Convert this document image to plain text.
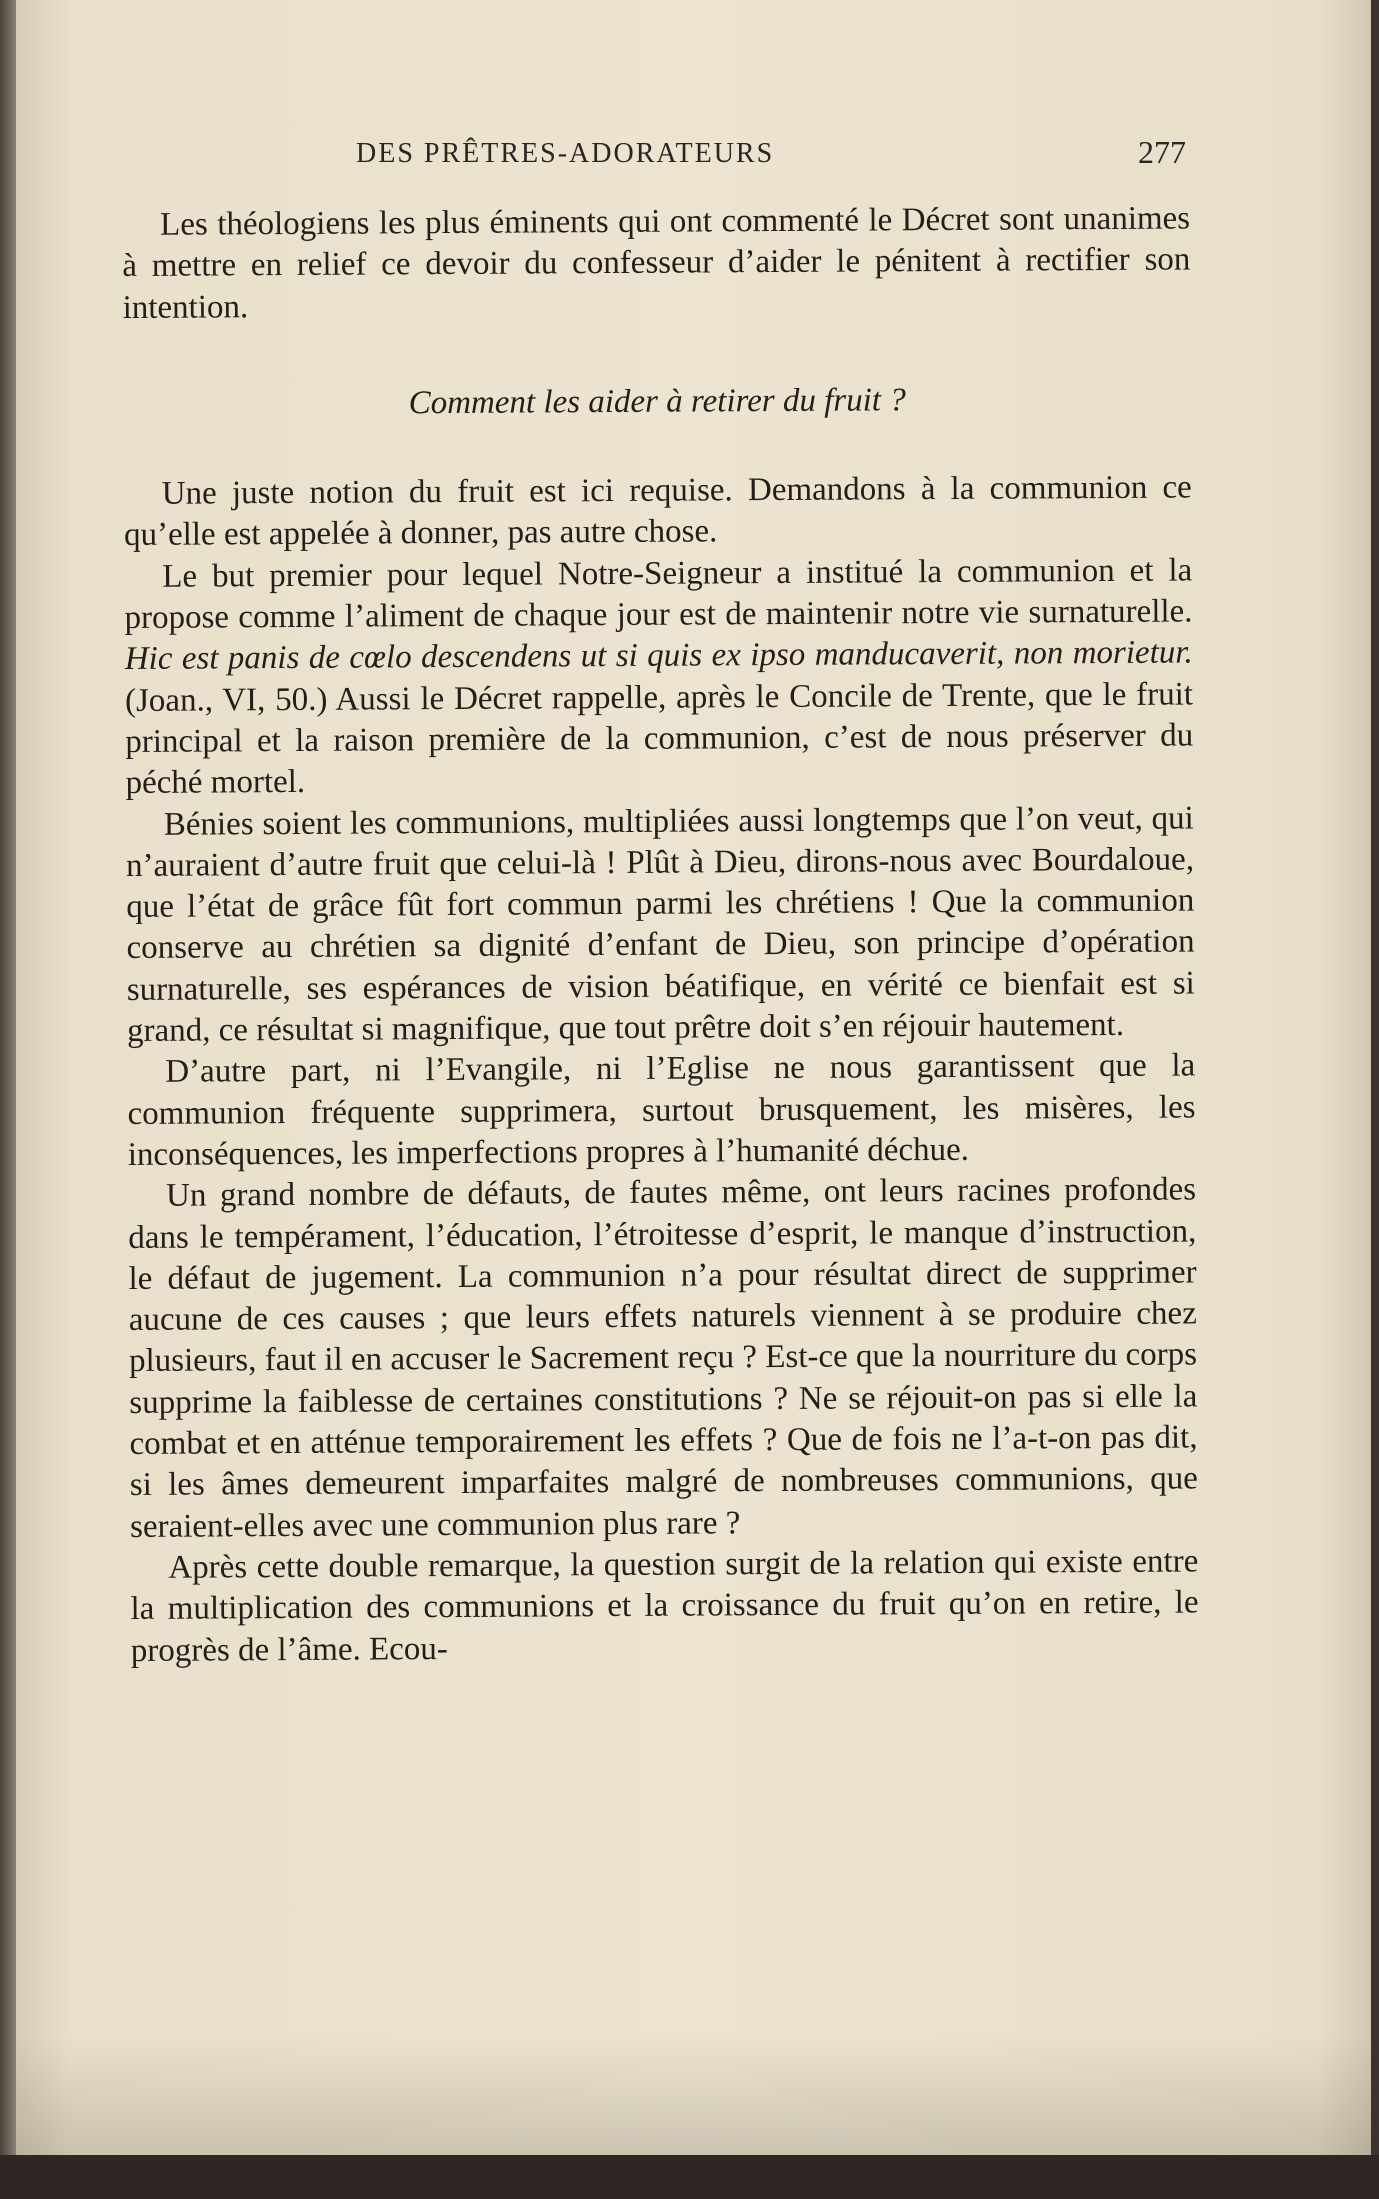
DES PRÊTRES-ADORATEURS	277

Les théologiens les plus éminents qui ont commenté le Décret sont unanimes à mettre en relief ce devoir du confesseur d’aider le pénitent à rectifier son intention.

Comment les aider à retirer du fruit ?

Une juste notion du fruit est ici requise. Demandons à la communion ce qu’elle est appelée à donner, pas autre chose.

Le but premier pour lequel Notre-Seigneur a institué la communion et la propose comme l’aliment de chaque jour est de maintenir notre vie surnaturelle. Hic est panis de cœlo descendens ut si quis ex ipso manducaverit, non morietur. (Joan., VI, 50.) Aussi le Décret rappelle, après le Concile de Trente, que le fruit principal et la raison première de la communion, c’est de nous préserver du péché mortel.

Bénies soient les communions, multipliées aussi longtemps que l’on veut, qui n’auraient d’autre fruit que celui-là ! Plût à Dieu, dirons-nous avec Bourdaloue, que l’état de grâce fût fort commun parmi les chrétiens ! Que la communion conserve au chrétien sa dignité d’enfant de Dieu, son principe d’opération surnaturelle, ses espérances de vision béatifique, en vérité ce bienfait est si grand, ce résultat si magnifique, que tout prêtre doit s’en réjouir hautement.

D’autre part, ni l’Evangile, ni l’Eglise ne nous garantissent que la communion fréquente supprimera, surtout brusquement, les misères, les inconséquences, les imperfections propres à l’humanité déchue.

Un grand nombre de défauts, de fautes même, ont leurs racines profondes dans le tempérament, l’éducation, l’étroitesse d’esprit, le manque d’instruction, le défaut de jugement. La communion n’a pour résultat direct de supprimer aucune de ces causes ; que leurs effets naturels viennent à se produire chez plusieurs, faut il en accuser le Sacrement reçu ? Est-ce que la nourriture du corps supprime la faiblesse de certaines constitutions ? Ne se réjouit-on pas si elle la combat et en atténue temporairement les effets ? Que de fois ne l’a-t-on pas dit, si les âmes demeurent imparfaites malgré de nombreuses communions, que seraient-elles avec une communion plus rare ?

Après cette double remarque, la question surgit de la relation qui existe entre la multiplication des communions et la croissance du fruit qu’on en retire, le progrès de l’âme. Ecou-
